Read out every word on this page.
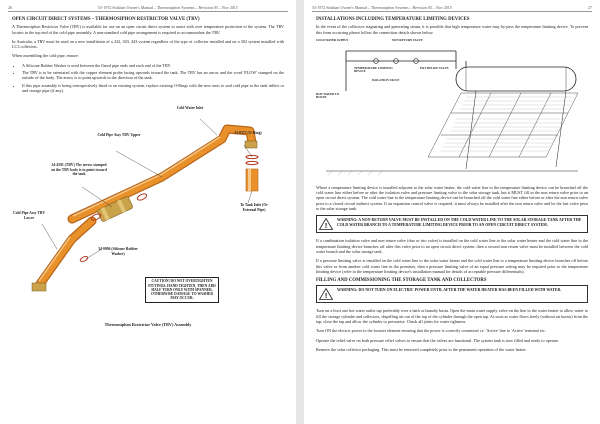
26	53-1972 Solahart Owner's Manual – Thermosiphon Systems – Revision 05 – Nov 2015
OPEN CIRCUIT DIRECT SYSTEMS – THERMOSIPHON RESTRICTOR VALVE (TRV)

A Thermosiphon Restrictor Valve (TRV) is available for use on an open circuit direct system to assist with over temperature protection of the system. The TRV locates in the top end of the cold pipe assembly. A non-standard cold pipe arrangement is required to accommodate the TRV.

In Australia, a TRV must be used on a new installation of a 222, 303, 443 system regardless of the type of collector installed and on a 302 system installed with LC3 collectors.

When assembling the cold pipe, ensure:

• A Silicone Rubber Washer is used between the flared pipe ends and each end of the TRV.
• The TRV is to be orientated with the copper element probe facing upwards toward the tank. The TRV has an arrow and the word 'FLOW' stamped on the outside of the body. The arrow is to point upwards in the direction of the tank.
• If this pipe assembly is being retrospectively fitted to an existing system, replace existing O-Rings with the new ones to seal cold pipe to the tank inflect or and storage pipe (if any).
Cold Water Inlet
Cold Pipe Assy TRV Upper	33-0572 (O-Ring)
34-4591 (TRV) The arrow stamped on the TRV body is to point toward the tank
Cold Pipe Assy TRV Lower
34-0096 (Silicone Rubber Washer)
To Tank Inlet (Or External Pipe)
CAUTION! DO NOT OVERTIGHTEN FITTINGS. HAND TIGHTEN, THEN ADD HALF TURN ONLY WITH SPANNER, OTHERWISE DAMAGE TO WASHER MAY OCCUR.
Thermosiphon Restrictor Valve (TRV) Assembly
53-1972 Solahart Owner's Manual – Thermosiphon Systems – Revision 05 – Nov 2015	27
INSTALLATIONS INCLUDING TEMPERATURE LIMITING DEVICES

In the event of the collectors stagnating and generating steam, it is possible that high temperature water may by-pass the temperature limiting device. To prevent this from occurring please follow the connection details shown below.

COLD WATER SUPPLY
TEMPERATURE LIMITING DEVICE
HOT WATER TO HOUSE
NON RETURN VALVE
P&T RELIEF VALVE
ISOLATION VALVE

Where a temperature limiting device is installed adjacent to the solar water heater, the cold water line to the temperature limiting device can be branched off the cold water line either before or after the isolation valve and pressure limiting valve to the solar storage tank, but it MUST fill in the non return valve prior to an open circuit direct system. The cold water line to the temperature limiting device can be branched off the cold water line either before or after the non return valve prior to a closed circuit indirect system. If an expansion control valve is required, it must always be installed after the non return valve and be the last valve prior to the solar storage tank.

!
WARNING: A NON RETURN VALVE MUST BE INSTALLED ON THE COLD WATER LINE TO THE SOLAR STORAGE TANK AFTER THE COLD WATER BRANCH TO A TEMPERATURE LIMITING DEVICE PRIOR TO AN OPEN CIRCUIT DIRECT SYSTEM.

If a combination isolation valve and non return valve (duo or trio valve) is installed on the cold water line to the solar water heater and the cold water line to the temperature limiting device branches off after this valve prior to an open circuit direct system, then a second non return valve must be installed between the cold water branch and the solar storage tank.

If a pressure limiting valve is installed on the cold water line to the solar water heater and the cold water line to a temperature limiting device branches off before this valve or from another cold water line in the premises, then a pressure limiting valve of an equal pressure setting may be required prior to the temperature limiting device (refer to the temperature limiting device's installation manual for details of acceptable pressure differentials).

FILLING AND COMMISSIONING THE STORAGE TANK AND COLLECTORS
!
WARNING: DO NOT TURN ON ELECTRIC POWER UNTIL AFTER THE WATER HEATER HAS BEEN FILLED WITH WATER.

Turn on a least one hot water outlet tap preferably over a bath or laundry basin. Open the main water supply valve on the line to the water heater to allow water to fill the storage cylinder and collectors, dispelling air out of the top of the cylinder through the open tap. As soon as water flows freely (without air bursts) from the tap, close the tap and allow the cylinder to pressurise. Check all joints for water tightness.

Turn ON the electric power to the booster element ensuring that the power is correctly connected i.e. 'Active' line to 'Active' terminal etc.

Operate the relief valve on both pressure relief valves to ensure that the valves are functional. The system tank is now filled and ready to operate.

Remove the solar collector packaging. This must be removed completely prior to the permanent operation of the water heater.
